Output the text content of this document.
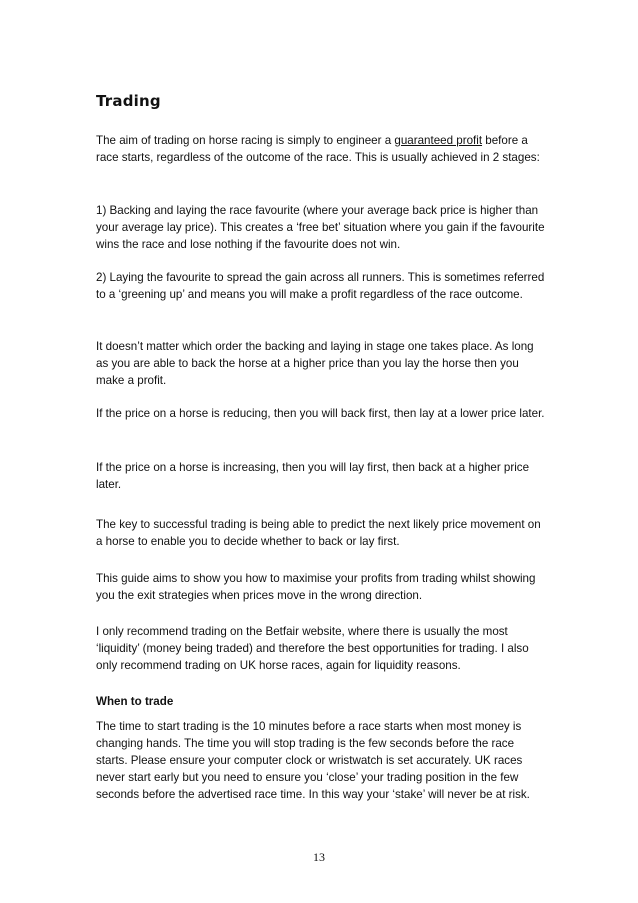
Trading

The aim of trading on horse racing is simply to engineer a guaranteed profit before a race starts, regardless of the outcome of the race. This is usually achieved in 2 stages:

1) Backing and laying the race favourite (where your average back price is higher than your average lay price). This creates a ‘free bet’ situation where you gain if the favourite wins the race and lose nothing if the favourite does not win.

2) Laying the favourite to spread the gain across all runners. This is sometimes referred to a ‘greening up’ and means you will make a profit regardless of the race outcome.

It doesn’t matter which order the backing and laying in stage one takes place. As long as you are able to back the horse at a higher price than you lay the horse then you make a profit.

If the price on a horse is reducing, then you will back first, then lay at a lower price later.

If the price on a horse is increasing, then you will lay first, then back at a higher price later.

The key to successful trading is being able to predict the next likely price movement on a horse to enable you to decide whether to back or lay first.

This guide aims to show you how to maximise your profits from trading whilst showing you the exit strategies when prices move in the wrong direction.

I only recommend trading on the Betfair website, where there is usually the most ‘liquidity’ (money being traded) and therefore the best opportunities for trading. I also only recommend trading on UK horse races, again for liquidity reasons.

When to trade

The time to start trading is the 10 minutes before a race starts when most money is changing hands. The time you will stop trading is the few seconds before the race starts. Please ensure your computer clock or wristwatch is set accurately. UK races never start early but you need to ensure you ‘close’ your trading position in the few seconds before the advertised race time. In this way your ‘stake’ will never be at risk.

13
